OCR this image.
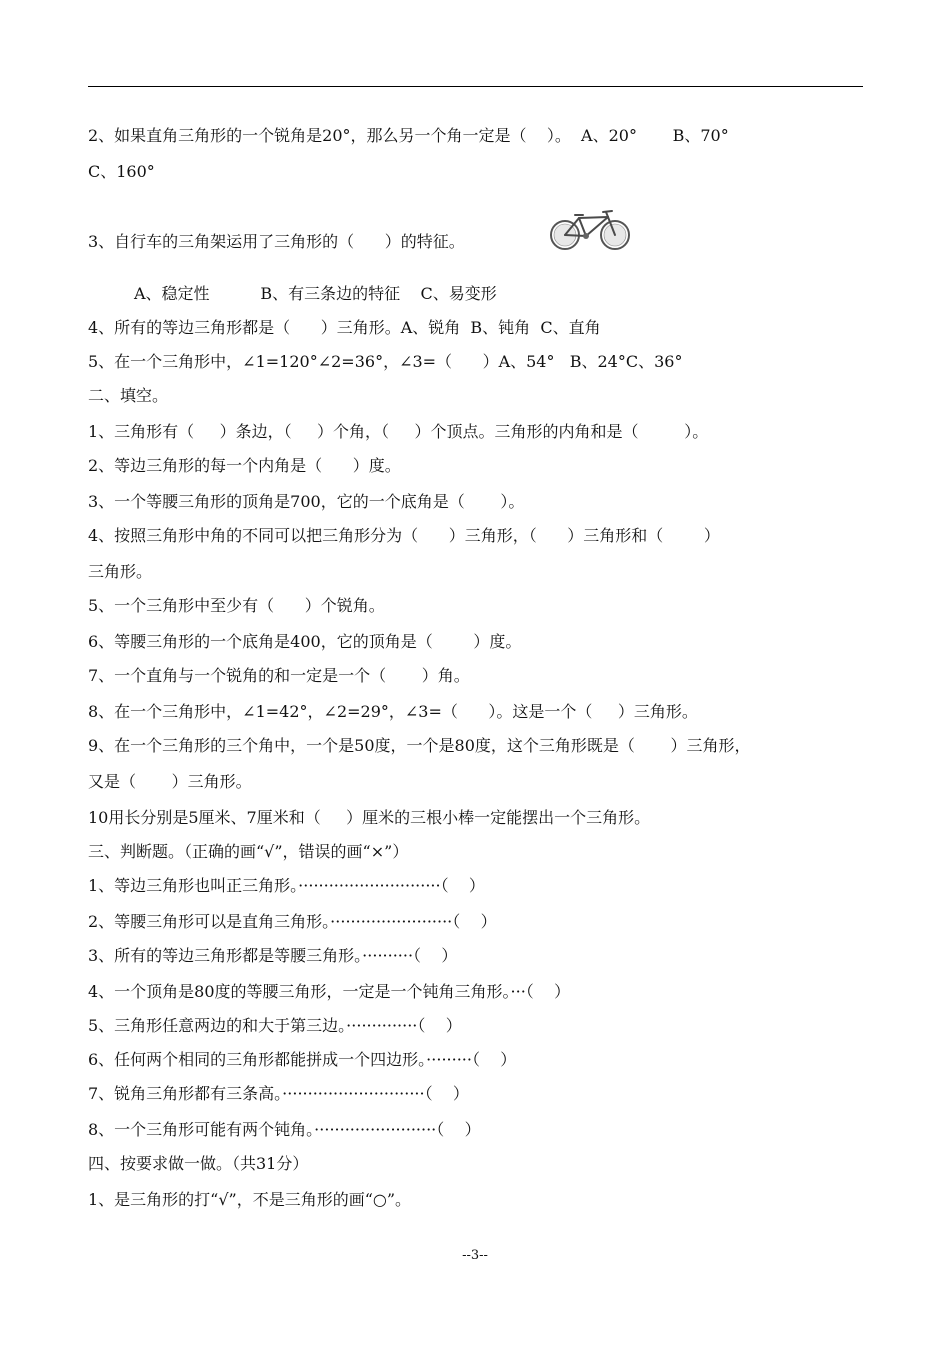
2、如果直角三角形的一个锐角是20°，那么另一个角一定是（    ）。  A、20°       B、70°
C、160°
3、自行车的三角架运用了三角形的（      ）的特征。
A、稳定性          B、有三条边的特征    C、易变形
4、所有的等边三角形都是（      ）三角形。A、锐角  B、钝角  C、直角
5、在一个三角形中，∠1=120°∠2=36°，∠3=（      ）A、54°   B、24°C、36°
二、填空。
1、三角形有（     ）条边，（     ）个角，（     ）个顶点。三角形的内角和是（         ）。
2、等边三角形的每一个内角是（      ）度。
3、一个等腰三角形的顶角是700，它的一个底角是（       ）。
4、按照三角形中角的不同可以把三角形分为（      ）三角形，（      ）三角形和（        ）
三角形。
5、一个三角形中至少有（      ）个锐角。
6、等腰三角形的一个底角是400，它的顶角是（        ）度。
7、一个直角与一个锐角的和一定是一个（       ）角。
8、在一个三角形中，∠1=42°，∠2=29°，∠3=（      ）。这是一个（     ）三角形。
9、在一个三角形的三个角中，一个是50度，一个是80度，这个三角形既是（       ）三角形，
又是（       ）三角形。
10用长分别是5厘米、7厘米和（     ）厘米的三根小棒一定能摆出一个三角形。
三、判断题。（正确的画“√”，错误的画“×”）
1、等边三角形也叫正三角形。····························（    ）
2、等腰三角形可以是直角三角形。························（    ）
3、所有的等边三角形都是等腰三角形。··········（    ）
4、一个顶角是80度的等腰三角形，一定是一个钝角三角形。···（    ）
5、三角形任意两边的和大于第三边。··············（    ）
6、任何两个相同的三角形都能拼成一个四边形。·········（    ）
7、锐角三角形都有三条高。····························（    ）
8、一个三角形可能有两个钝角。························（    ）
四、按要求做一做。（共31分）
1、是三角形的打“√”，不是三角形的画“○”。
--3--
